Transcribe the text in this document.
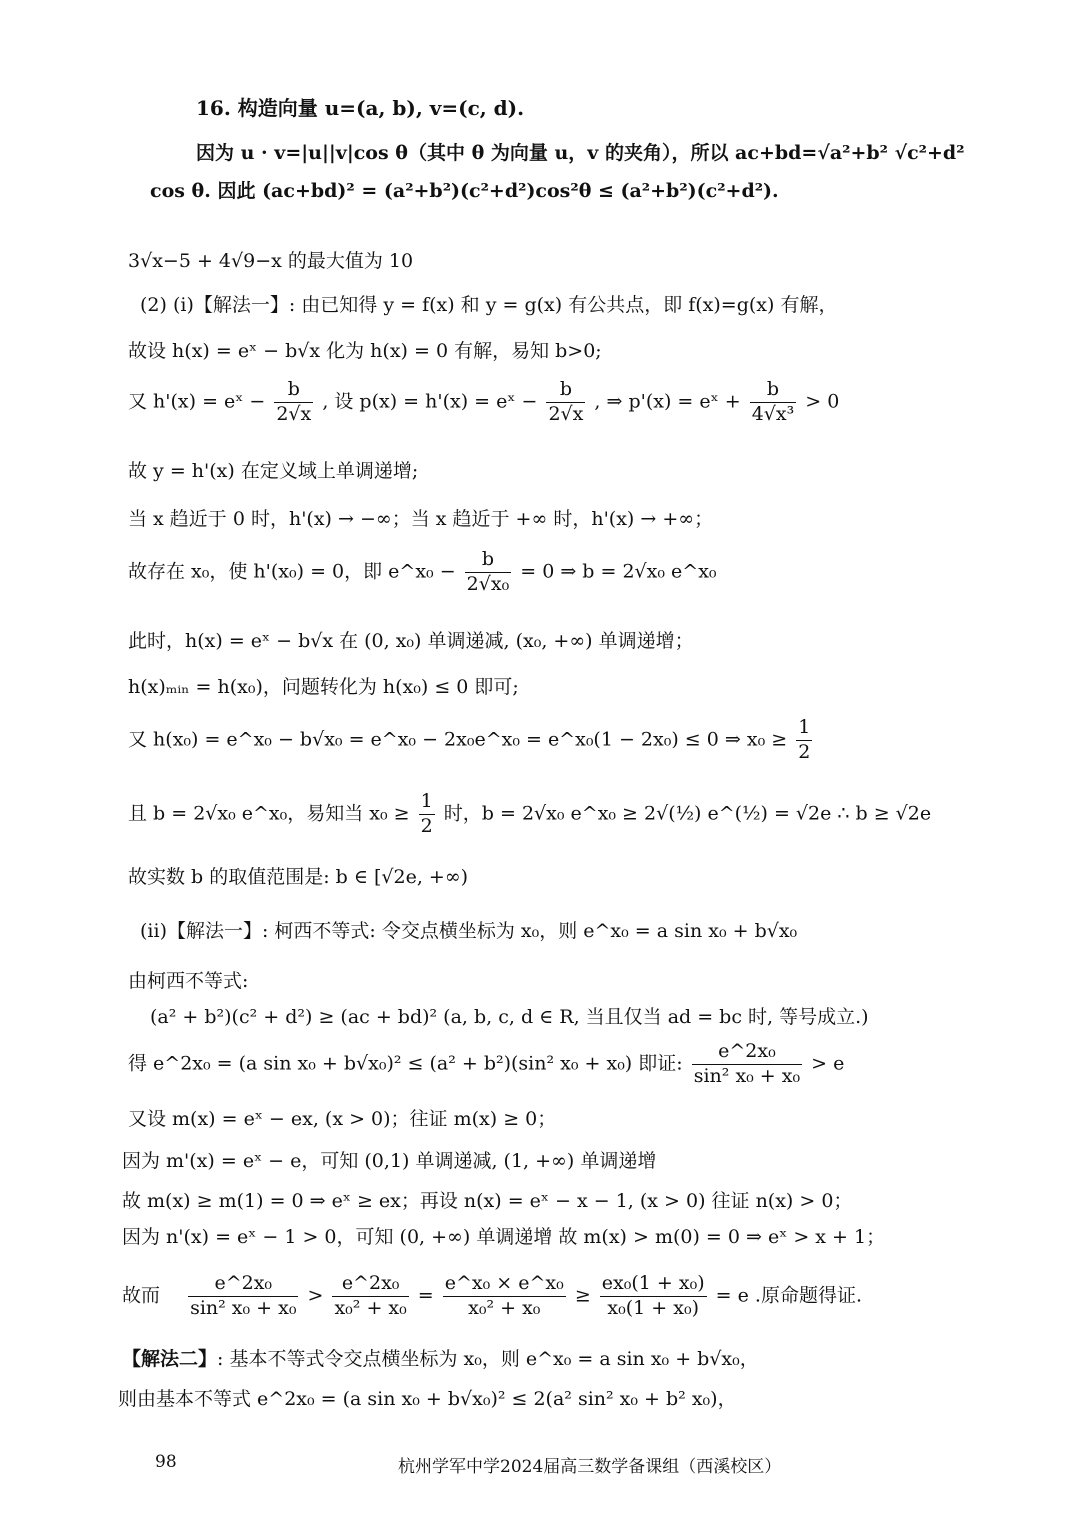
16. 构造向量 u=(a, b), v=(c, d).
因为 u · v=|u||v|cos θ（其中 θ 为向量 u，v 的夹角），所以 ac+bd=√a²+b² √c²+d²
cos θ. 因此 (ac+bd)² = (a²+b²)(c²+d²)cos²θ ≤ (a²+b²)(c²+d²).
3√x−5 + 4√9−x 的最大值为 10
(2) (i)【解法一】: 由已知得 y = f(x) 和 y = g(x) 有公共点，即 f(x)=g(x) 有解，
故设 h(x) = eˣ − b√x 化为 h(x) = 0 有解，易知 b>0;
又 h'(x) = eˣ − $\frac{b}{2√x}$ , 设 p(x) = h'(x) = eˣ − $\frac{b}{2√x}$ , ⇒ p'(x) = eˣ + $\frac{b}{\text{4√x³}} > 0$
故 y = h'(x) 在定义域上单调递增;
当 x 趋近于 0 时，h'(x) → −∞；当 x 趋近于 +∞ 时，h'(x) → +∞；
故存在 x₀，使 h'(x₀) = 0，即 e^x₀ − $\frac{b}{\text{2√x₀}} = 0$ ⇒ b = 2√x₀ e^x₀
此时，h(x) = eˣ − b√x 在 (0, x₀) 单调递减, (x₀, +∞) 单调递增；
h(x)ₘᵢₙ = h(x₀)，问题转化为 h(x₀) ≤ 0 即可;
又 h(x₀) = e^x₀ − b√x₀ = e^x₀ − 2x₀e^x₀ = e^x₀(1 − 2x₀) ≤ 0 ⇒ $x_0 \ge \frac{1}{2}$
且 b = 2√x₀ e^x₀，易知当 $x_0 \ge \frac{1}{2}$ 时，b = 2√x₀ e^x₀ ≥ 2√(½) e^(½) = √2e ∴ b ≥ √2e
故实数 b 的取值范围是: b ∈ [√2e, +∞)
(ii)【解法一】: 柯西不等式: 令交点横坐标为 x₀，则 e^x₀ = a sin x₀ + b√x₀
由柯西不等式:
(a² + b²)(c² + d²) ≥ (ac + bd)² (a, b, c, d ∈ R, 当且仅当 ad = bc 时, 等号成立.)
得 e^2x₀ = (a sin x₀ + b√x₀)² ≤ (a² + b²)(sin² x₀ + x₀) 即证: $\frac{\text{e\textasciicircum{}2x₀}}{\text{sin² x₀ + x₀}} > e$
又设 m(x) = eˣ − ex, (x > 0)；往证 m(x) ≥ 0；
因为 m'(x) = eˣ − e，可知 (0,1) 单调递减, (1, +∞) 单调递增
故 m(x) ≥ m(1) = 0 ⇒ eˣ ≥ ex；再设 n(x) = eˣ − x − 1, (x > 0) 往证 n(x) > 0；
因为 n'(x) = eˣ − 1 > 0，可知 (0, +∞) 单调递增 故 m(x) > m(0) = 0 ⇒ eˣ > x + 1；
故而 $\frac{\text{e\textasciicircum{}2x₀}}{\text{sin² x₀ + x₀}} > \frac{\text{e\textasciicircum{}2x₀}}{\text{x₀² + x₀}} = \frac{\text{e\textasciicircum{}x₀ × e\textasciicircum{}x₀}}{\text{x₀² + x₀}} \ge \frac{\text{ex₀(1 + x₀)}}{\text{x₀(1 + x₀)}} = e$ .原命题得证.
【解法二】: 基本不等式令交点横坐标为 x₀，则 e^x₀ = a sin x₀ + b√x₀，
则由基本不等式 e^2x₀ = (a sin x₀ + b√x₀)² ≤ 2(a² sin² x₀ + b² x₀)，
98	杭州学军中学2024届高三数学备课组（西溪校区）
